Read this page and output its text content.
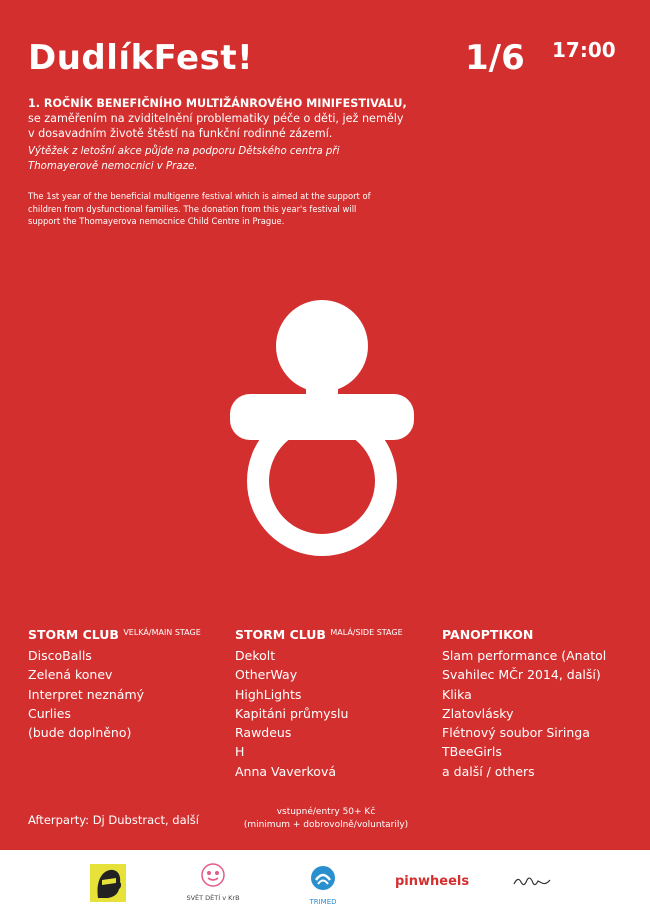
DudlíkFest!	1/6 17:00

1. ROČNÍK BENEFIČNÍHO MULTIŽÁNROVÉHO MINIFESTIVALU,
se zaměřením na zviditelnění problematiky péče o děti, jež neměly v dosavadním životě štěstí na funkční rodinné zázemí.

Výtěžek z letošní akce půjde na podporu Dětského centra při Thomayerově nemocnici v Praze.

The 1st year of the beneficial multigenre festival which is aimed at the support of children from dysfunctional families. The donation from this year's festival will support the Thomayerova nemocnice Child Centre in Prague.

STORM CLUB $^{VELKÁ/MAIN STAGE}$
DiscoBalls
Zelená konev
Interpret neznámý
Curlies
(bude doplněno)
STORM CLUB $^{MALÁ/SIDE STAGE}$
Dekolt
OtherWay
HighLights
Kapitáni průmyslu
Rawdeus
H
Anna Vaverková
PANOPTIKON
Slam performance (Anatol
Svahilec MČr 2014, další)
Klika
Zlatovlásky
Flétnový soubor Siringa
TBeeGirls
a další / others
Afterparty: Dj Dubstract, další
vstupné/entry 50+ Kč
(minimum + dobrovolně/voluntarily)
SVĚT DĚTÍ v KrB	TRIMED
pinwheels
